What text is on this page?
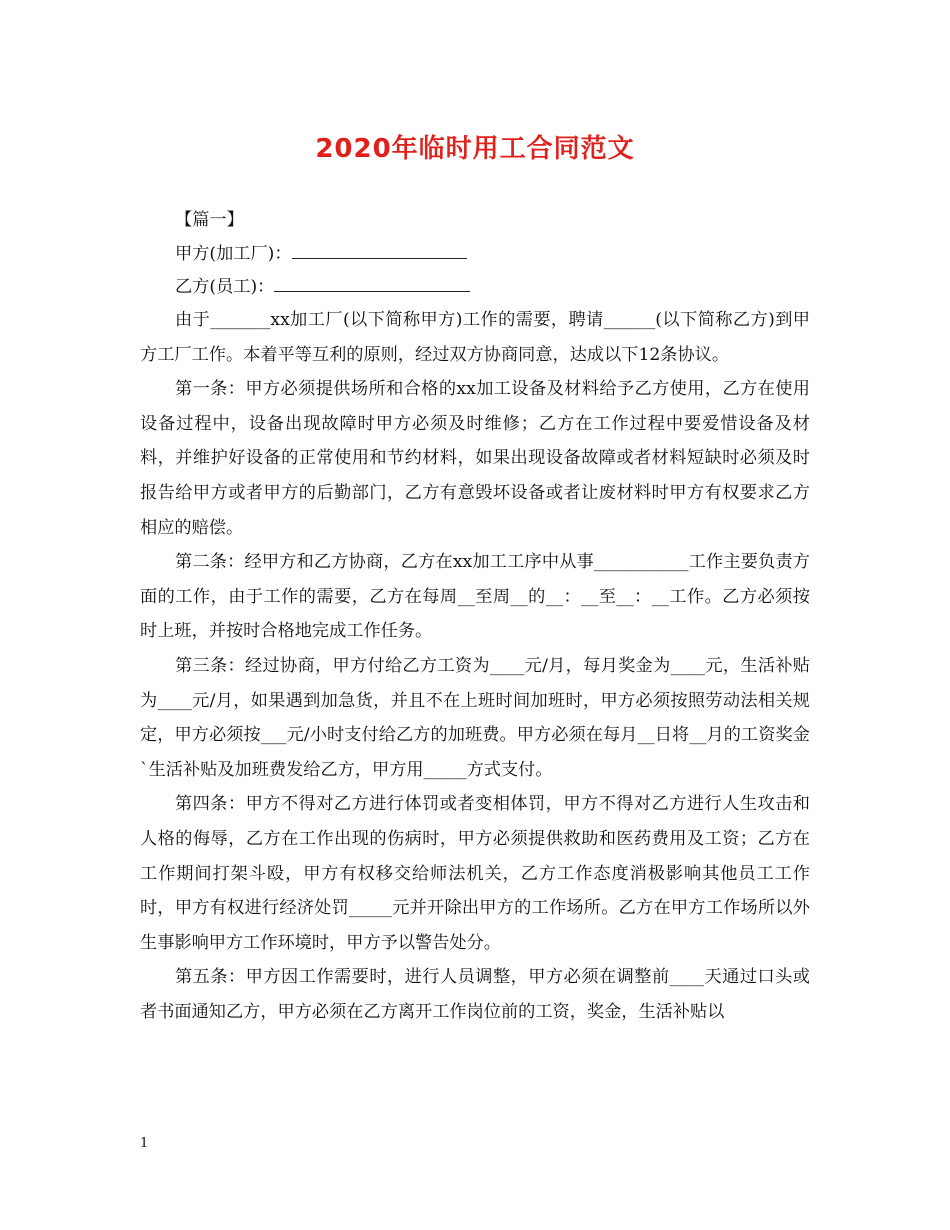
2020年临时用工合同范文
【篇一】
甲方(加工厂)：
乙方(员工)：

由于_______xx加工厂(以下简称甲方)工作的需要，聘请______(以下简称乙方)到甲方工厂工作。本着平等互利的原则，经过双方协商同意，达成以下12条协议。

第一条：甲方必须提供场所和合格的xx加工设备及材料给予乙方使用，乙方在使用设备过程中，设备出现故障时甲方必须及时维修；乙方在工作过程中要爱惜设备及材料，并维护好设备的正常使用和节约材料，如果出现设备故障或者材料短缺时必须及时报告给甲方或者甲方的后勤部门，乙方有意毁坏设备或者让废材料时甲方有权要求乙方相应的赔偿。

第二条：经甲方和乙方协商，乙方在xx加工工序中从事___________工作主要负责方面的工作，由于工作的需要，乙方在每周__至周__的__：__至__：__工作。乙方必须按时上班，并按时合格地完成工作任务。

第三条：经过协商，甲方付给乙方工资为____元/月，每月奖金为____元，生活补贴为____元/月，如果遇到加急货，并且不在上班时间加班时，甲方必须按照劳动法相关规定，甲方必须按___元/小时支付给乙方的加班费。甲方必须在每月__日将__月的工资奖金`生活补贴及加班费发给乙方，甲方用_____方式支付。

第四条：甲方不得对乙方进行体罚或者变相体罚，甲方不得对乙方进行人生攻击和人格的侮辱，乙方在工作出现的伤病时，甲方必须提供救助和医药费用及工资；乙方在工作期间打架斗殴，甲方有权移交给师法机关，乙方工作态度消极影响其他员工工作时，甲方有权进行经济处罚_____元并开除出甲方的工作场所。乙方在甲方工作场所以外生事影响甲方工作环境时，甲方予以警告处分。

第五条：甲方因工作需要时，进行人员调整，甲方必须在调整前____天通过口头或者书面通知乙方，甲方必须在乙方离开工作岗位前的工资，奖金，生活补贴以

1
